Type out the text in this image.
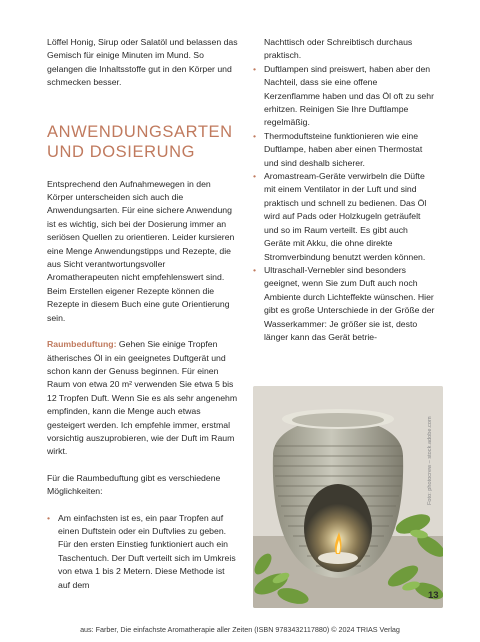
Löffel Honig, Sirup oder Salatöl und belassen das Gemisch für einige Minuten im Mund. So gelangen die Inhaltsstoffe gut in den Körper und schmecken besser.

ANWENDUNGSARTEN UND DOSIERUNG

Entsprechend den Aufnahmewegen in den Körper unterscheiden sich auch die Anwendungsarten. Für eine sichere Anwendung ist es wichtig, sich bei der Dosierung immer an seriösen Quellen zu orientieren. Leider kursieren eine Menge Anwendungstipps und Rezepte, die aus Sicht verantwortungsvoller Aromatherapeuten nicht empfehlenswert sind. Beim Erstellen eigener Rezepte können die Rezepte in diesem Buch eine gute Orientierung sein.

Raumbeduftung: Gehen Sie einige Tropfen ätherisches Öl in ein geeignetes Duftgerät und schon kann der Genuss beginnen. Für einen Raum von etwa 20 m² verwenden Sie etwa 5 bis 12 Tropfen Duft. Wenn Sie es als sehr angenehm empfinden, kann die Menge auch etwas gesteigert werden. Ich empfehle immer, erstmal vorsichtig auszuprobieren, wie der Duft im Raum wirkt.

Für die Raumbeduftung gibt es verschiedene Möglichkeiten:

• Am einfachsten ist es, ein paar Tropfen auf einen Duftstein oder ein Duftvlies zu geben. Für den ersten Einstieg funktioniert auch ein Taschentuch. Der Duft verteilt sich im Umkreis von etwa 1 bis 2 Metern. Diese Methode ist auf dem

Nachttisch oder Schreibtisch durchaus praktisch.

• Duftlampen sind preiswert, haben aber den Nachteil, dass sie eine offene Kerzenflamme haben und das Öl oft zu sehr erhitzen. Reinigen Sie Ihre Duftlampe regelmäßig.
• Thermoduftsteine funktionieren wie eine Duftlampe, haben aber einen Thermostat und sind deshalb sicherer.
• Aromastream-Geräte verwirbeln die Düfte mit einem Ventilator in der Luft und sind praktisch und schnell zu bedienen. Das Öl wird auf Pads oder Holzkugeln geträufelt und so im Raum verteilt. Es gibt auch Geräte mit Akku, die ohne direkte Stromverbindung benutzt werden können.
• Ultraschall-Vernebler sind besonders geeignet, wenn Sie zum Duft auch noch Ambiente durch Lichteffekte wünschen. Hier gibt es große Unterschiede in der Größe der Wasserkammer: Je größer sie ist, desto länger kann das Gerät betrie-
Foto: photocrew – stock.adobe.com
13
aus: Farber, Die einfachste Aromatherapie aller Zeiten (ISBN 9783432117880) © 2024 TRIAS Verlag
